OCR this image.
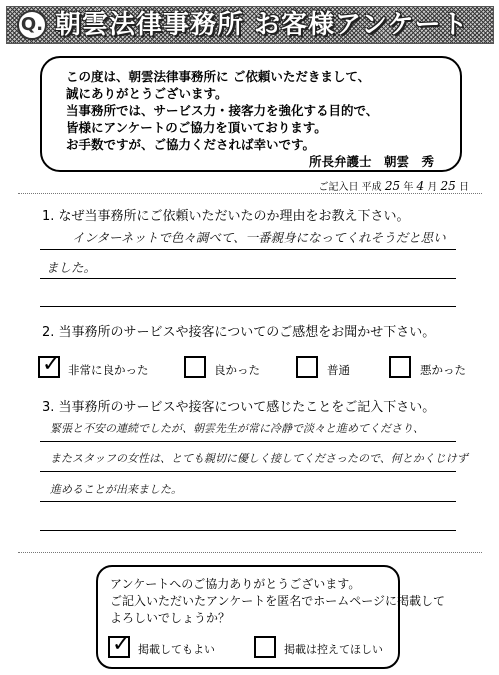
Q. 朝雲法律事務所 お客様アンケート
この度は、朝雲法律事務所に ご依頼いただきまして、
誠にありがとうございます。
当事務所では、サービス力・接客力を強化する目的で、
皆様にアンケートのご協力を頂いております。
お手数ですが、ご協力くだされば幸いです。
所長弁護士　朝雲　秀
ご記入日 平成 25 年 4 月 25 日
1. なぜ当事務所にご依頼いただいたのか理由をお教え下さい。
インターネットで色々調べて、一番親身になってくれそうだと思い
ました。
2. 当事務所のサービスや接客についてのご感想をお聞かせ下さい。
✓ 非常に良かった	良かった	普通	悪かった
3. 当事務所のサービスや接客について感じたことをご記入下さい。
緊張と不安の連続でしたが、朝雲先生が常に冷静で淡々と進めてくださり、
またスタッフの女性は、とても親切に優しく接してくださったので、何とかくじけず
進めることが出来ました。
アンケートへのご協力ありがとうございます。
ご記入いただいたアンケートを匿名でホームページに掲載して
よろしいでしょうか？
✓ 掲載してもよい	掲載は控えてほしい
